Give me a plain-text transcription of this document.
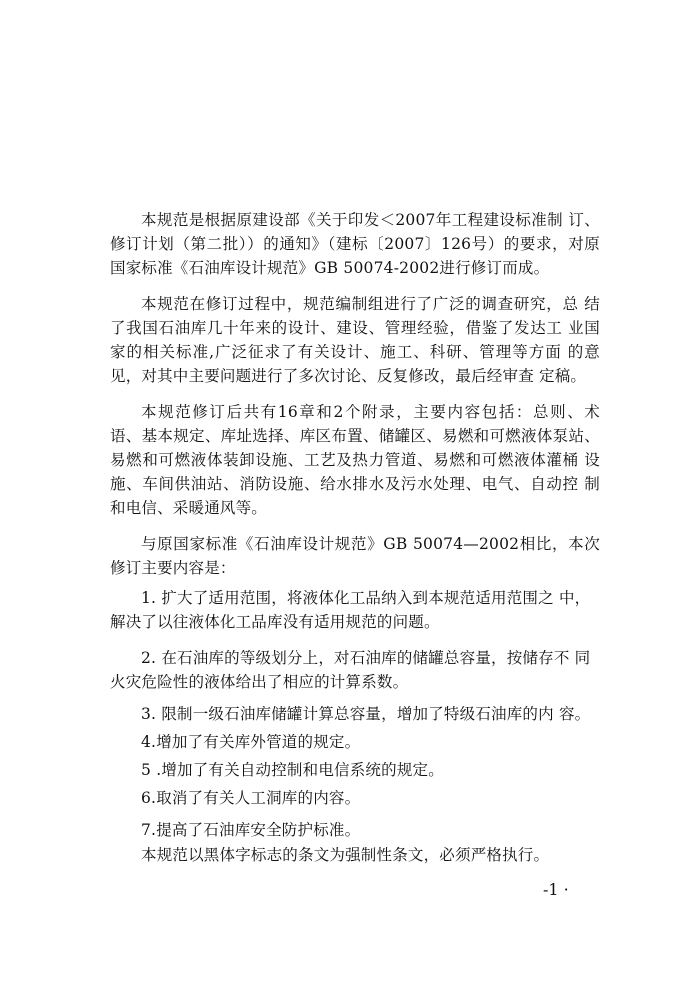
本规范是根据原建设部《关于印发＜2007年工程建设标准制 订、修订计划（第二批））的通知》（建标〔2007〕126号）的要求，对原 国家标准《石油库设计规范》GB 50074-2002进行修订而成。

本规范在修订过程中，规范编制组进行了广泛的调查研究，总 结了我国石油库几十年来的设计、建设、管理经验，借鉴了发达工 业国家的相关标准,广泛征求了有关设计、施工、科研、管理等方面 的意见，对其中主要问题进行了多次讨论、反复修改，最后经审查 定稿。

本规范修订后共有16章和2个附录，主要内容包括：总则、术 语、基本规定、库址选择、库区布置、储罐区、易燃和可燃液体泵站、 易燃和可燃液体装卸设施、工艺及热力管道、易燃和可燃液体灌桶 设施、车间供油站、消防设施、给水排水及污水处理、电气、自动控 制和电信、采暖通风等。

与原国家标准《石油库设计规范》GB 50074—2002相比，本次 修订主要内容是：

1. 扩大了适用范围，将液体化工品纳入到本规范适用范围之 中，解决了以往液体化工品库没有适用规范的问题。

2. 在石油库的等级划分上，对石油库的储罐总容量，按储存不 同火灾危险性的液体给出了相应的计算系数。

3. 限制一级石油库储罐计算总容量，增加了特级石油库的内 容。

4.增加了有关库外管道的规定。

5 .增加了有关自动控制和电信系统的规定。

6.取消了有关人工洞库的内容。

7.提高了石油库安全防护标准。

本规范以黑体字标志的条文为强制性条文，必须严格执行。

-1 ·
